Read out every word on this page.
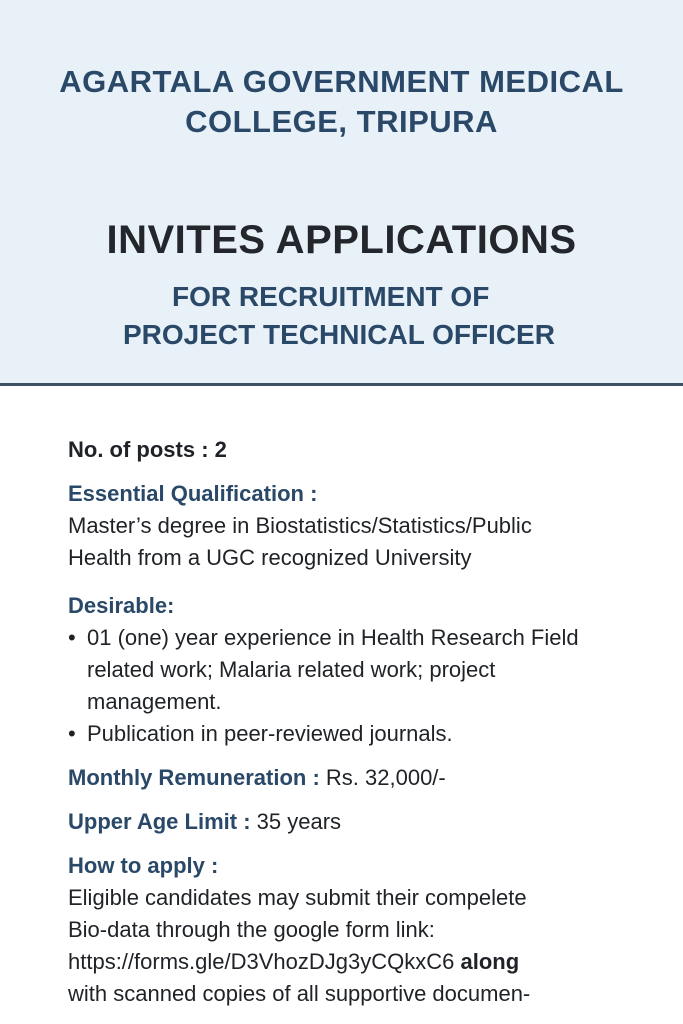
AGARTALA GOVERNMENT MEDICAL
COLLEGE, TRIPURA
INVITES APPLICATIONS
FOR RECRUITMENT OF
PROJECT TECHNICAL OFFICER

No. of posts : 2

Essential Qualification :

Master’s degree in Biostatistics/Statistics/Public

Health from a UGC recognized University

Desirable:

• 01 (one) year experience in Health Research Field
related work; Malaria related work; project
management.
• Publication in peer-reviewed journals.

Monthly Remuneration : Rs. 32,000/-

Upper Age Limit : 35 years

How to apply :

Eligible candidates may submit their compelete

Bio-data through the google form link:

https://forms.gle/D3VhozDJg3yCQkxC6 along

with scanned copies of all supportive documen-
